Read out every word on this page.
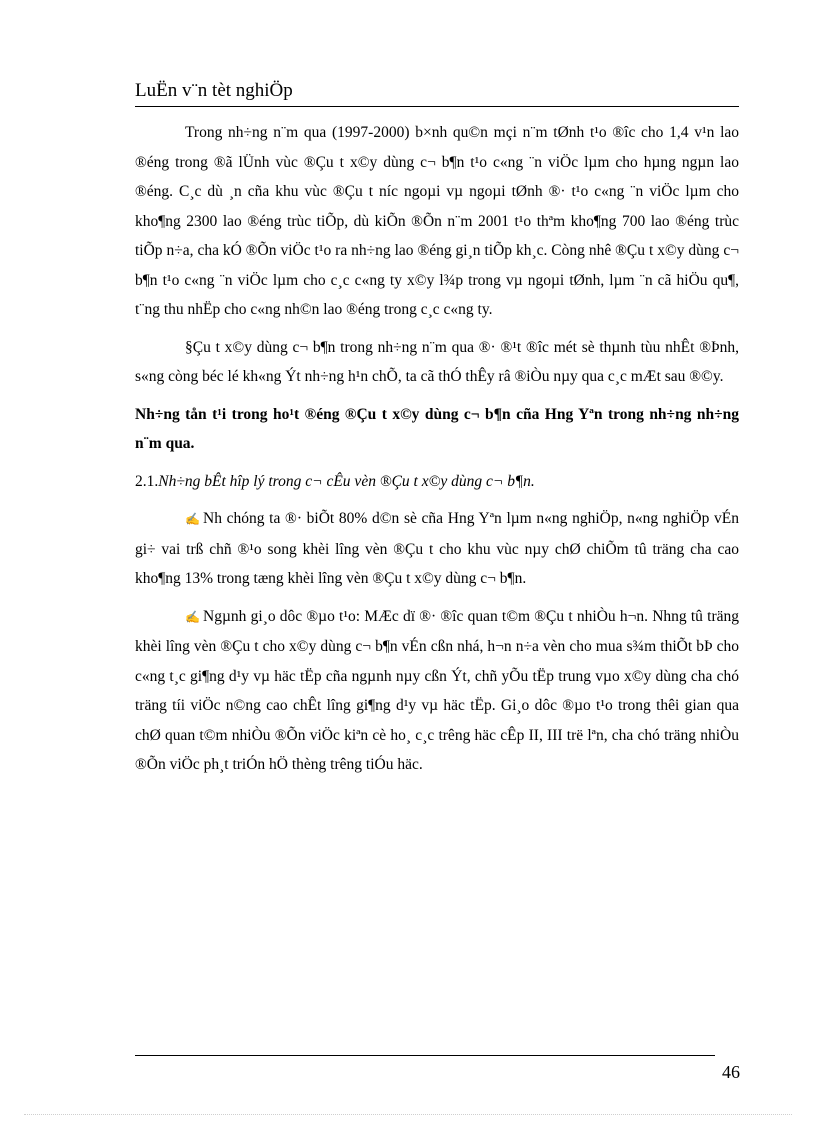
LuËn v¨n tèt nghiÖp

Trong nh÷ng n¨m qua (1997-2000) b×nh qu©n mçi n¨m tØnh t¹o ®îc cho 1,4 v¹n lao ®éng trong ®ã lÜnh vùc ®Çu t x©y dùng c¬ b¶n t¹o c«ng ¨n viÖc lµm cho hµng ngµn lao ®éng. C¸c dù ¸n cña khu vùc ®Çu t níc ngoµi vµ ngoµi tØnh ®· t¹o c«ng ¨n viÖc lµm cho kho¶ng 2300 lao ®éng trùc tiÕp, dù kiÕn ®Õn n¨m 2001 t¹o thªm kho¶ng 700 lao ®éng trùc tiÕp n÷a, cha kÓ ®Õn viÖc t¹o ra nh÷ng lao ®éng gi¸n tiÕp kh¸c. Còng nhê ®Çu t x©y dùng c¬ b¶n t¹o c«ng ¨n viÖc lµm cho c¸c c«ng ty x©y l¾p trong vµ ngoµi tØnh, lµm ¨n cã hiÖu qu¶, t¨ng thu nhËp cho c«ng nh©n lao ®éng trong c¸c c«ng ty.

§Çu t x©y dùng c¬ b¶n trong nh÷ng n¨m qua ®· ®¹t ®îc mét sè thµnh tùu nhÊt ®Þnh, s«ng còng béc lé kh«ng Ýt nh÷ng h¹n chÕ, ta cã thÓ thÊy râ ®iÒu nµy qua c¸c mÆt sau ®©y.

Nh÷ng tån t¹i trong ho¹t ®éng ®Çu t x©y dùng c¬ b¶n cña Hng Yªn trong nh÷ng nh÷ng n¨m qua.

2.1.Nh÷ng bÊt hîp lý trong c¬ cÊu vèn ®Çu t x©y dùng c¬ b¶n.

✍ Nh chóng ta ®· biÕt 80% d©n sè cña Hng Yªn lµm n«ng nghiÖp, n«ng nghiÖp vÉn gi÷ vai trß chñ ®¹o song khèi lîng vèn ®Çu t cho khu vùc nµy chØ chiÕm tû träng cha cao kho¶ng 13% trong tæng khèi lîng vèn ®Çu t x©y dùng c¬ b¶n.

✍ Ngµnh gi¸o dôc ®µo t¹o: MÆc dï ®· ®îc quan t©m ®Çu t nhiÒu h¬n. Nhng tû träng khèi lîng vèn ®Çu t cho x©y dùng c¬ b¶n vÉn cßn nhá, h¬n n÷a vèn cho mua s¾m thiÕt bÞ cho c«ng t¸c gi¶ng d¹y vµ häc tËp cña ngµnh nµy cßn Ýt, chñ yÕu tËp trung vµo x©y dùng cha chó träng tíi viÖc n©ng cao chÊt lîng gi¶ng d¹y vµ häc tËp. Gi¸o dôc ®µo t¹o trong thêi gian qua chØ quan t©m nhiÒu ®Õn viÖc kiªn cè ho¸ c¸c trêng häc cÊp II, III trë lªn, cha chó träng nhiÒu ®Õn viÖc ph¸t triÓn hÖ thèng trêng tiÓu häc.

46
